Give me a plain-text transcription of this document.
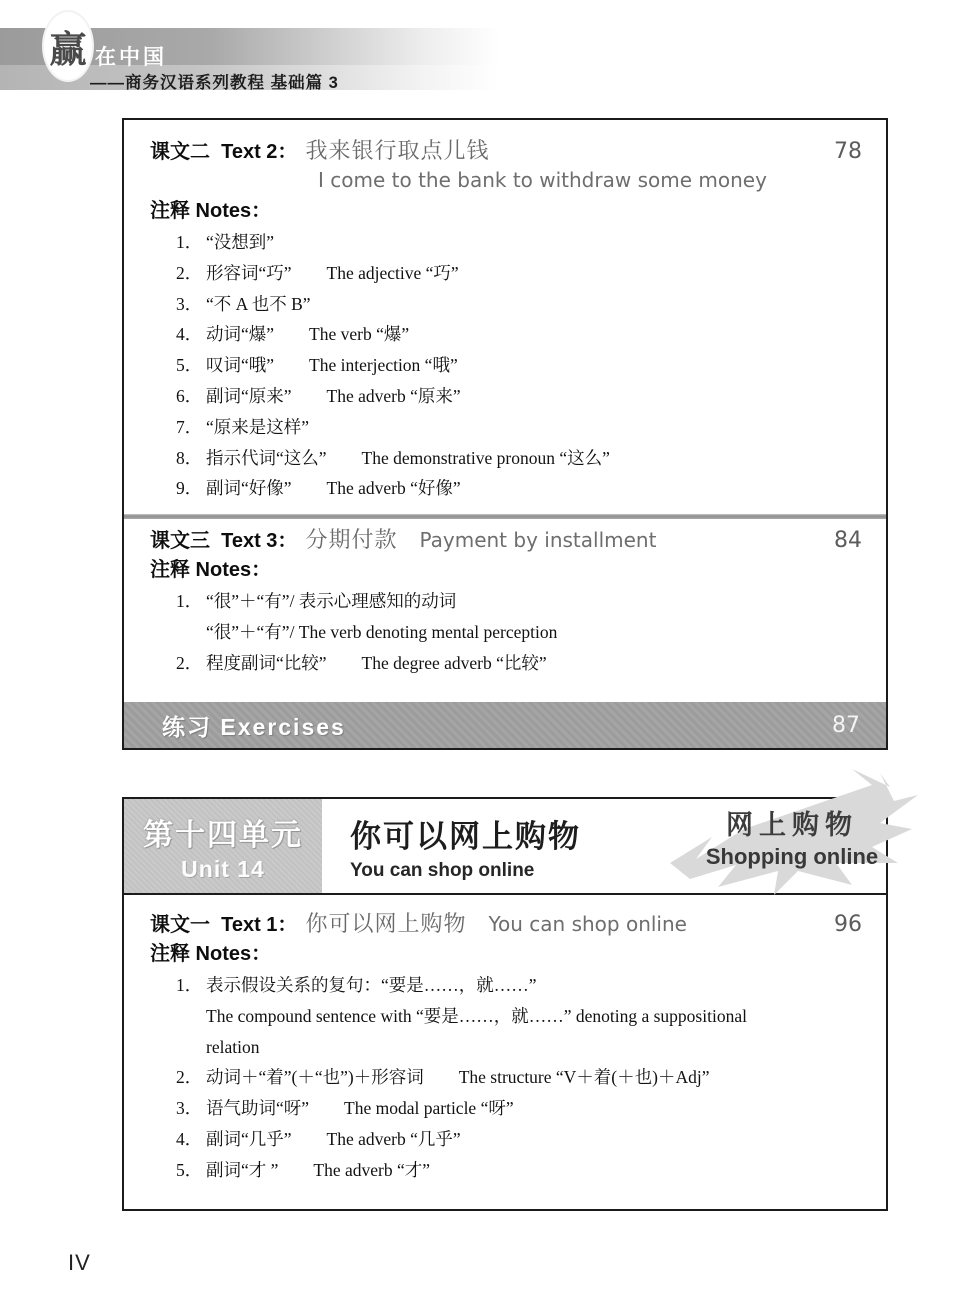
赢 在中国
——商务汉语系列教程 基础篇 3
课文二  Text 2： 我来银行取点儿钱	78
I come to the bank to withdraw some money
注释 Notes：
1． “没想到”
2． 形容词“巧”　　The adjective “巧”
3． “不 A 也不 B”
4． 动词“爆”　　The verb “爆”
5． 叹词“哦”　　The interjection “哦”
6． 副词“原来”　　The adverb “原来”
7． “原来是这样”
8． 指示代词“这么”　　The demonstrative pronoun “这么”
9． 副词“好像”　　The adverb “好像”
课文三  Text 3： 分期付款 Payment by installment	84
注释 Notes：
1． “很”＋“有”/ 表示心理感知的动词
“很”＋“有”/ The verb denoting mental perception
2． 程度副词“比较”　　The degree adverb “比较”
练习 Exercises	87
第十四单元
Unit 14
你可以网上购物
You can shop online
网上购物
Shopping online
课文一  Text 1： 你可以网上购物 You can shop online	96
注释 Notes：
1． 表示假设关系的复句：“要是……，就……”
The compound sentence with “要是……，就……” denoting a suppositional
relation
2． 动词＋“着”(＋“也”)＋形容词　　The structure “V＋着(＋也)＋Adj”
3． 语气助词“呀”　　The modal particle “呀”
4． 副词“几乎”　　The adverb “几乎”
5． 副词“才 ”　　The adverb “才”
IV
